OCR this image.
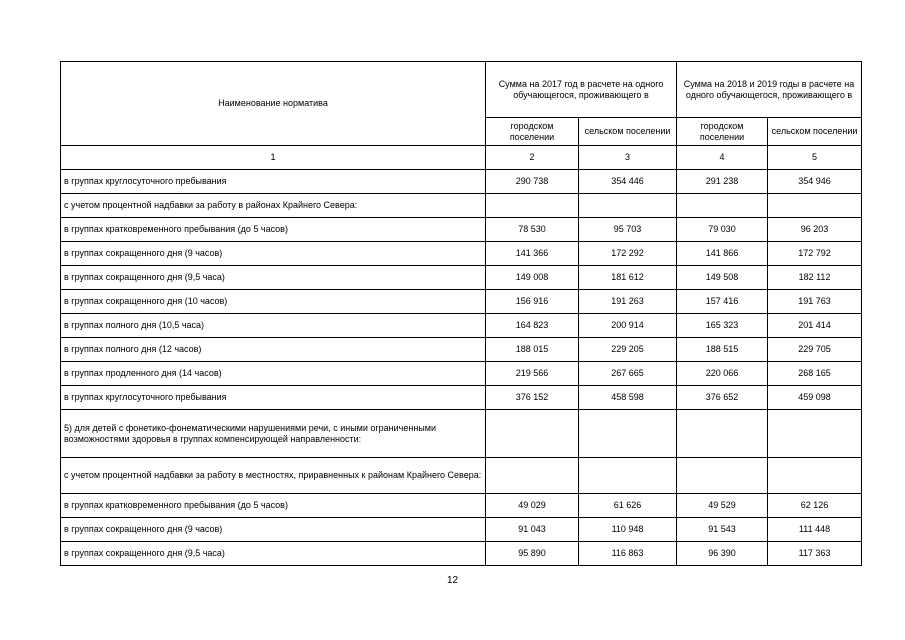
Наименование норматива	Сумма на 2017 год в расчете на одного обучающегося, проживающего в		Сумма на 2018 и 2019 годы в расчете на одного обучающегося, проживающего в	
	городском поселении	сельском поселении	городском поселении	сельском поселении
1	2	3	4	5
в группах круглосуточного пребывания	290 738	354 446	291 238	354 946
с учетом процентной надбавки за работу в районах Крайнего Севера:				
в группах кратковременного пребывания (до 5 часов)	78 530	95 703	79 030	96 203
в группах сокращенного дня (9 часов)	141 366	172 292	141 866	172 792
в группах сокращенного дня (9,5 часа)	149 008	181 612	149 508	182 112
в группах сокращенного дня (10 часов)	156 916	191 263	157 416	191 763
в группах полного дня (10,5 часа)	164 823	200 914	165 323	201 414
в группах полного дня (12 часов)	188 015	229 205	188 515	229 705
в группах продленного дня (14 часов)	219 566	267 665	220 066	268 165
в группах круглосуточного пребывания	376 152	458 598	376 652	459 098
5) для детей с фонетико-фонематическими нарушениями речи, с иными ограниченными возможностями здоровья в группах компенсирующей направленности:				
с учетом процентной надбавки за работу в местностях, приравненных к районам Крайнего Севера:				
в группах кратковременного пребывания (до 5 часов)	49 029	61 626	49 529	62 126
в группах сокращенного дня (9 часов)	91 043	110 948	91 543	111 448
в группах сокращенного дня (9,5 часа)	95 890	116 863	96 390	117 363
12
